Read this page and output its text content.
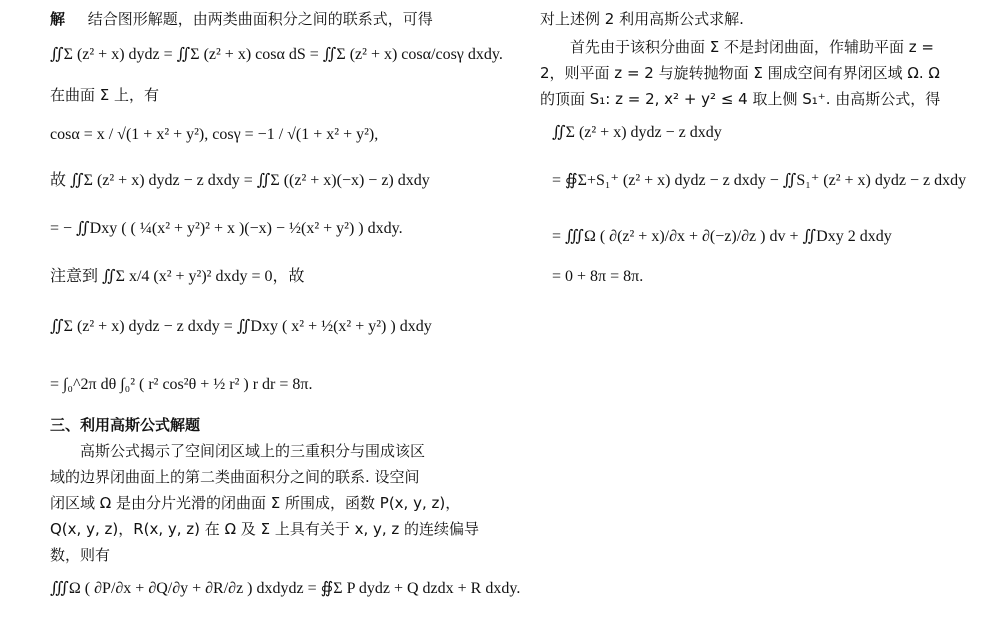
解 结合图形解题，由两类曲面积分之间的联系式，可得
∬Σ (z² + x) dydz = ∬Σ (z² + x) cosα dS = ∬Σ (z² + x) cosα/cosγ dxdy.
在曲面 Σ 上，有
cosα = x / √(1 + x² + y²), cosγ = −1 / √(1 + x² + y²),
故 ∬Σ (z² + x) dydz − z dxdy = ∬Σ ((z² + x)(−x) − z) dxdy
= − ∬Dxy ( ( ¼(x² + y²)² + x )(−x) − ½(x² + y²) ) dxdy.
注意到 ∬Σ x/4 (x² + y²)² dxdy = 0，故
∬Σ (z² + x) dydz − z dxdy = ∬Dxy ( x² + ½(x² + y²) ) dxdy
= ∫₀^2π dθ ∫₀² ( r² cos²θ + ½ r² ) r dr = 8π.
三、利用高斯公式解题
高斯公式揭示了空间闭区域上的三重积分与围成该区
域的边界闭曲面上的第二类曲面积分之间的联系. 设空间
闭区域 Ω 是由分片光滑的闭曲面 Σ 所围成，函数 P(x, y, z)，
Q(x, y, z)，R(x, y, z) 在 Ω 及 Σ 上具有关于 x, y, z 的连续偏导
数，则有
∭Ω ( ∂P/∂x + ∂Q/∂y + ∂R/∂z ) dxdydz = ∯Σ P dydz + Q dzdx + R dxdy.
对上述例 2 利用高斯公式求解.
首先由于该积分曲面 Σ 不是封闭曲面，作辅助平面 z =
2，则平面 z = 2 与旋转抛物面 Σ 围成空间有界闭区域 Ω. Ω
的顶面 S₁: z = 2, x² + y² ≤ 4 取上侧 S₁⁺. 由高斯公式，得
∬Σ (z² + x) dydz − z dxdy
= ∯Σ+S₁⁺ (z² + x) dydz − z dxdy − ∬S₁⁺ (z² + x) dydz − z dxdy
= ∭Ω ( ∂(z² + x)/∂x + ∂(−z)/∂z ) dv + ∬Dxy 2 dxdy
= 0 + 8π = 8π.
